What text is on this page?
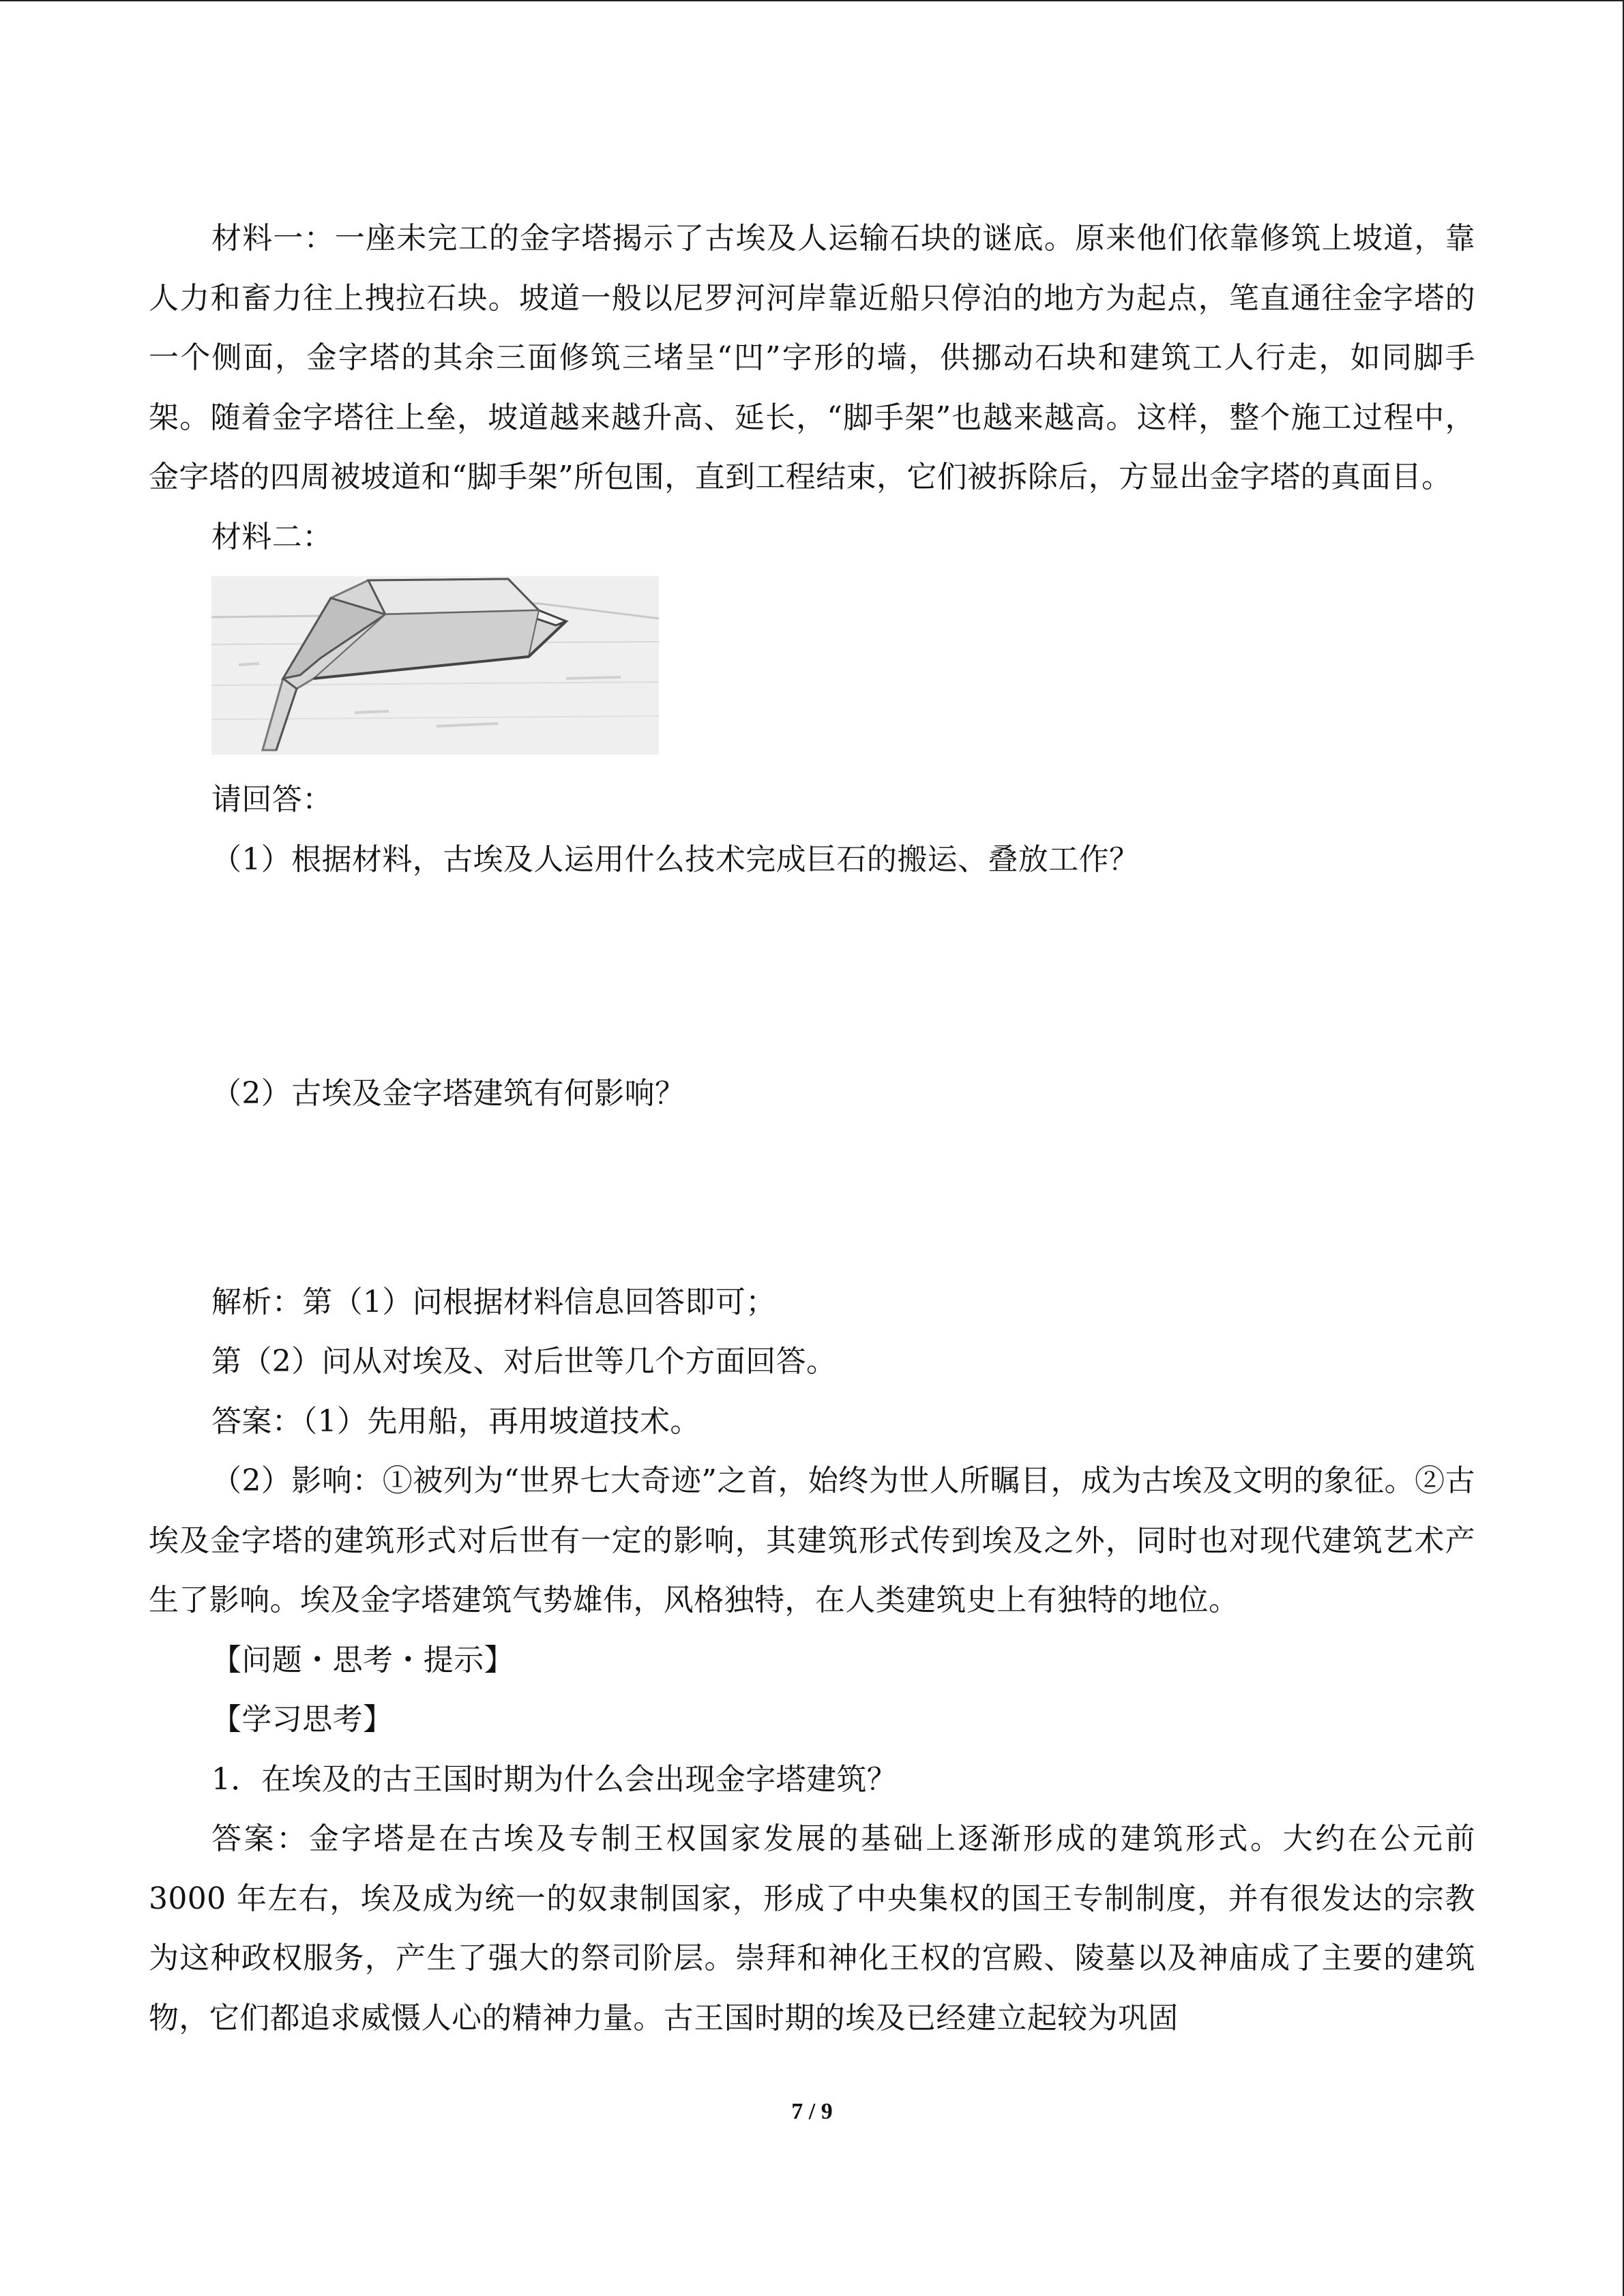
材料一：一座未完工的金字塔揭示了古埃及人运输石块的谜底。原来他们依靠修筑上坡道，靠人力和畜力往上拽拉石块。坡道一般以尼罗河河岸靠近船只停泊的地方为起点，笔直通往金字塔的一个侧面，金字塔的其余三面修筑三堵呈“凹”字形的墙，供挪动石块和建筑工人行走，如同脚手架。随着金字塔往上垒，坡道越来越升高、延长，“脚手架”也越来越高。这样，整个施工过程中，金字塔的四周被坡道和“脚手架”所包围，直到工程结束，它们被拆除后，方显出金字塔的真面目。

材料二：

请回答：

（1）根据材料，古埃及人运用什么技术完成巨石的搬运、叠放工作？

（2）古埃及金字塔建筑有何影响？

解析：第（1）问根据材料信息回答即可；

第（2）问从对埃及、对后世等几个方面回答。

答案：（1）先用船，再用坡道技术。

（2）影响：①被列为“世界七大奇迹”之首，始终为世人所瞩目，成为古埃及文明的象征。②古埃及金字塔的建筑形式对后世有一定的影响，其建筑形式传到埃及之外，同时也对现代建筑艺术产生了影响。埃及金字塔建筑气势雄伟，风格独特，在人类建筑史上有独特的地位。

【问题・思考・提示】

【学习思考】

1．在埃及的古王国时期为什么会出现金字塔建筑？

答案：金字塔是在古埃及专制王权国家发展的基础上逐渐形成的建筑形式。大约在公元前 3000 年左右，埃及成为统一的奴隶制国家，形成了中央集权的国王专制制度，并有很发达的宗教为这种政权服务，产生了强大的祭司阶层。崇拜和神化王权的宫殿、陵墓以及神庙成了主要的建筑物，它们都追求威慑人心的精神力量。古王国时期的埃及已经建立起较为巩固

7 / 9
